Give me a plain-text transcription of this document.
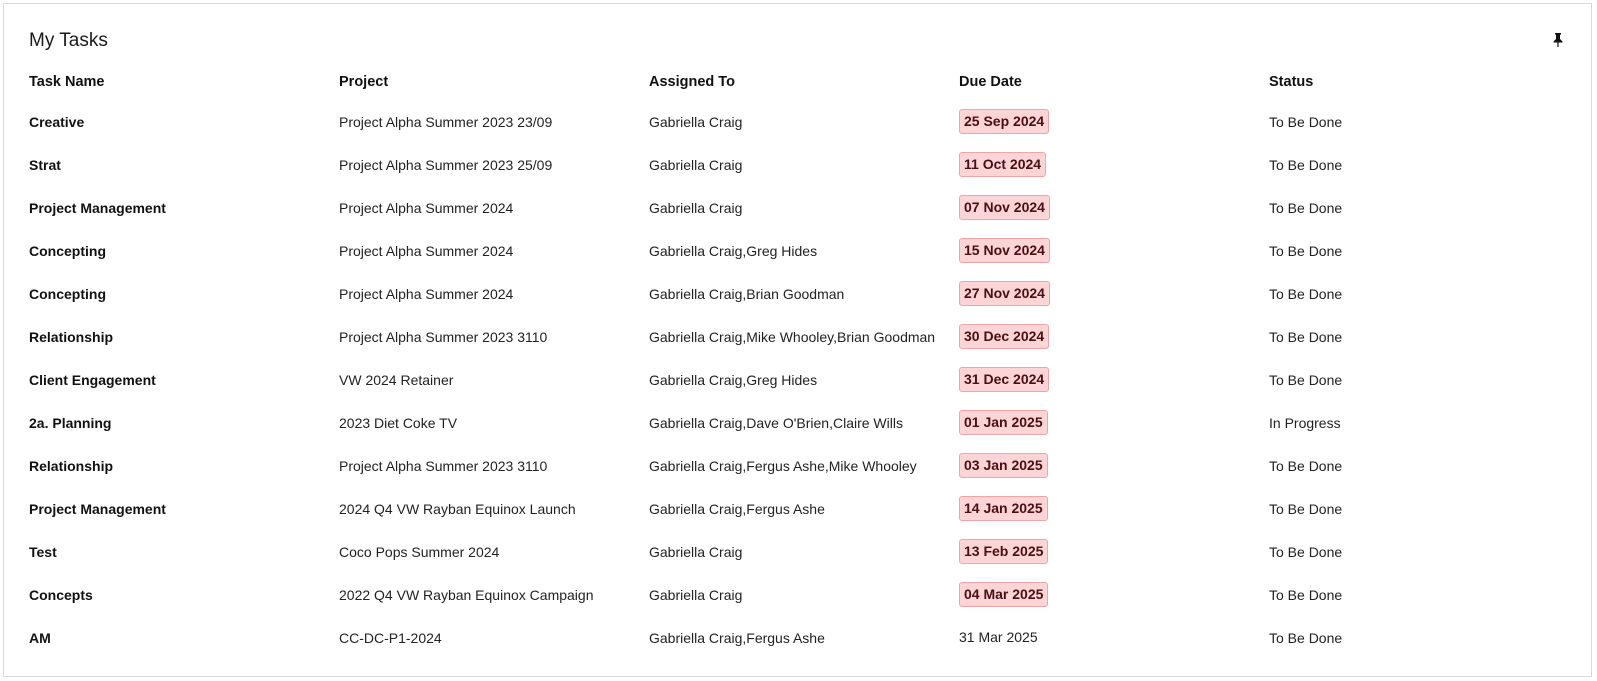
My Tasks
Task Name	Project	Assigned To	Due Date	Status
Creative	Project Alpha Summer 2023 23/09	Gabriella Craig	25 Sep 2024	To Be Done
Strat	Project Alpha Summer 2023 25/09	Gabriella Craig	11 Oct 2024	To Be Done
Project Management	Project Alpha Summer 2024	Gabriella Craig	07 Nov 2024	To Be Done
Concepting	Project Alpha Summer 2024	Gabriella Craig,Greg Hides	15 Nov 2024	To Be Done
Concepting	Project Alpha Summer 2024	Gabriella Craig,Brian Goodman	27 Nov 2024	To Be Done
Relationship	Project Alpha Summer 2023 3110	Gabriella Craig,Mike Whooley,Brian Goodman	30 Dec 2024	To Be Done
Client Engagement	VW 2024 Retainer	Gabriella Craig,Greg Hides	31 Dec 2024	To Be Done
2a. Planning	2023 Diet Coke TV	Gabriella Craig,Dave O'Brien,Claire Wills	01 Jan 2025	In Progress
Relationship	Project Alpha Summer 2023 3110	Gabriella Craig,Fergus Ashe,Mike Whooley	03 Jan 2025	To Be Done
Project Management	2024 Q4 VW Rayban Equinox Launch	Gabriella Craig,Fergus Ashe	14 Jan 2025	To Be Done
Test	Coco Pops Summer 2024	Gabriella Craig	13 Feb 2025	To Be Done
Concepts	2022 Q4 VW Rayban Equinox Campaign	Gabriella Craig	04 Mar 2025	To Be Done
AM	CC-DC-P1-2024	Gabriella Craig,Fergus Ashe	31 Mar 2025	To Be Done
